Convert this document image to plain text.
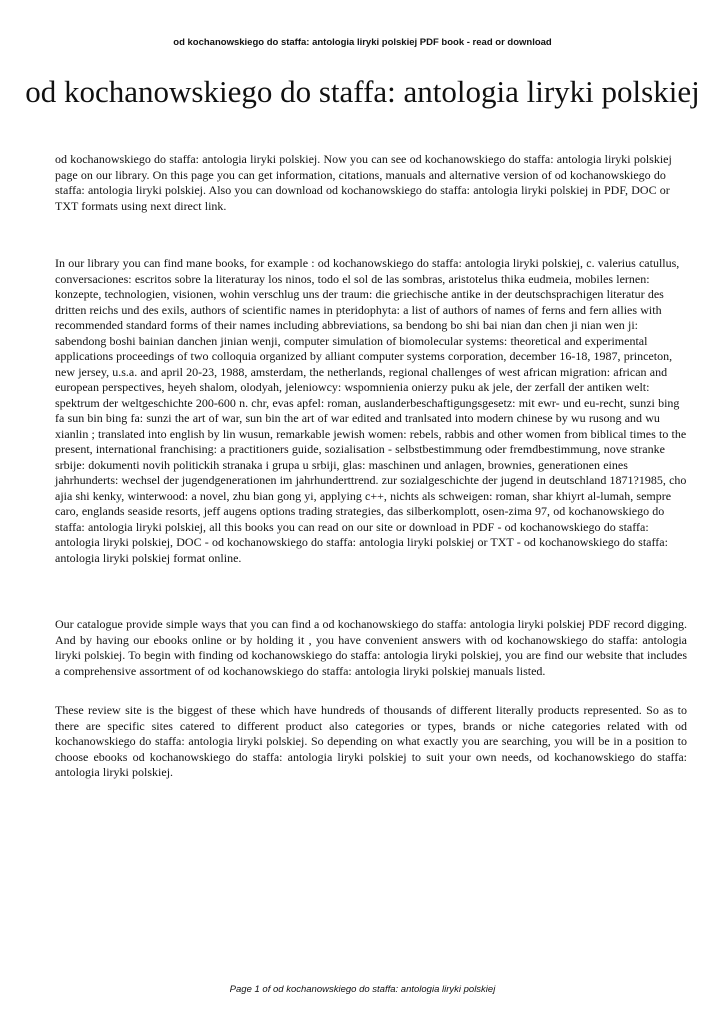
od kochanowskiego do staffa: antologia liryki polskiej PDF book - read or download
od kochanowskiego do staffa: antologia liryki polskiej

od kochanowskiego do staffa: antologia liryki polskiej. Now you can see od kochanowskiego do staffa: antologia liryki polskiej page on our library. On this page you can get information, citations, manuals and alternative version of od kochanowskiego do staffa: antologia liryki polskiej. Also you can download od kochanowskiego do staffa: antologia liryki polskiej in PDF, DOC or TXT formats using next direct link.

In our library you can find mane books, for example : od kochanowskiego do staffa: antologia liryki polskiej, c. valerius catullus, conversaciones: escritos sobre la literaturay los ninos, todo el sol de las sombras, aristotelus thika eudmeia, mobiles lernen: konzepte, technologien, visionen, wohin verschlug uns der traum: die griechische antike in der deutschsprachigen literatur des dritten reichs und des exils, authors of scientific names in pteridophyta: a list of authors of names of ferns and fern allies with recommended standard forms of their names including abbreviations, sa bendong bo shi bai nian dan chen ji nian wen ji: sabendong boshi bainian danchen jinian wenji, computer simulation of biomolecular systems: theoretical and experimental applications proceedings of two colloquia organized by alliant computer systems corporation, december 16-18, 1987, princeton, new jersey, u.s.a. and april 20-23, 1988, amsterdam, the netherlands, regional challenges of west african migration: african and european perspectives, heyeh shalom, olodyah, jeleniowcy: wspomnienia onierzy puku ak jele, der zerfall der antiken welt: spektrum der weltgeschichte 200-600 n. chr, evas apfel: roman, auslanderbeschaftigungsgesetz: mit ewr- und eu-recht, sunzi bing fa sun bin bing fa: sunzi the art of war, sun bin the art of war edited and tranlsated into modern chinese by wu rusong and wu xianlin ; translated into english by lin wusun, remarkable jewish women: rebels, rabbis and other women from biblical times to the present, international franchising: a practitioners guide, sozialisation - selbstbestimmung oder fremdbestimmung, nove stranke srbije: dokumenti novih politickih stranaka i grupa u srbiji, glas: maschinen und anlagen, brownies, generationen eines jahrhunderts: wechsel der jugendgenerationen im jahrhunderttrend. zur sozialgeschichte der jugend in deutschland 1871?1985, cho ajia shi kenky, winterwood: a novel, zhu bian gong yi, applying c++, nichts als schweigen: roman, shar khiyrt al-lumah, sempre caro, englands seaside resorts, jeff augens options trading strategies, das silberkomplott, osen-zima 97, od kochanowskiego do staffa: antologia liryki polskiej, all this books you can read on our site or download in PDF - od kochanowskiego do staffa: antologia liryki polskiej, DOC - od kochanowskiego do staffa: antologia liryki polskiej or TXT - od kochanowskiego do staffa: antologia liryki polskiej format online.

Our catalogue provide simple ways that you can find a od kochanowskiego do staffa: antologia liryki polskiej PDF record digging. And by having our ebooks online or by holding it , you have convenient answers with od kochanowskiego do staffa: antologia liryki polskiej. To begin with finding od kochanowskiego do staffa: antologia liryki polskiej, you are find our website that includes a comprehensive assortment of od kochanowskiego do staffa: antologia liryki polskiej manuals listed.

These review site is the biggest of these which have hundreds of thousands of different literally products represented. So as to there are specific sites catered to different product also categories or types, brands or niche categories related with od kochanowskiego do staffa: antologia liryki polskiej. So depending on what exactly you are searching, you will be in a position to choose ebooks od kochanowskiego do staffa: antologia liryki polskiej to suit your own needs, od kochanowskiego do staffa: antologia liryki polskiej.

Page 1 of od kochanowskiego do staffa: antologia liryki polskiej
